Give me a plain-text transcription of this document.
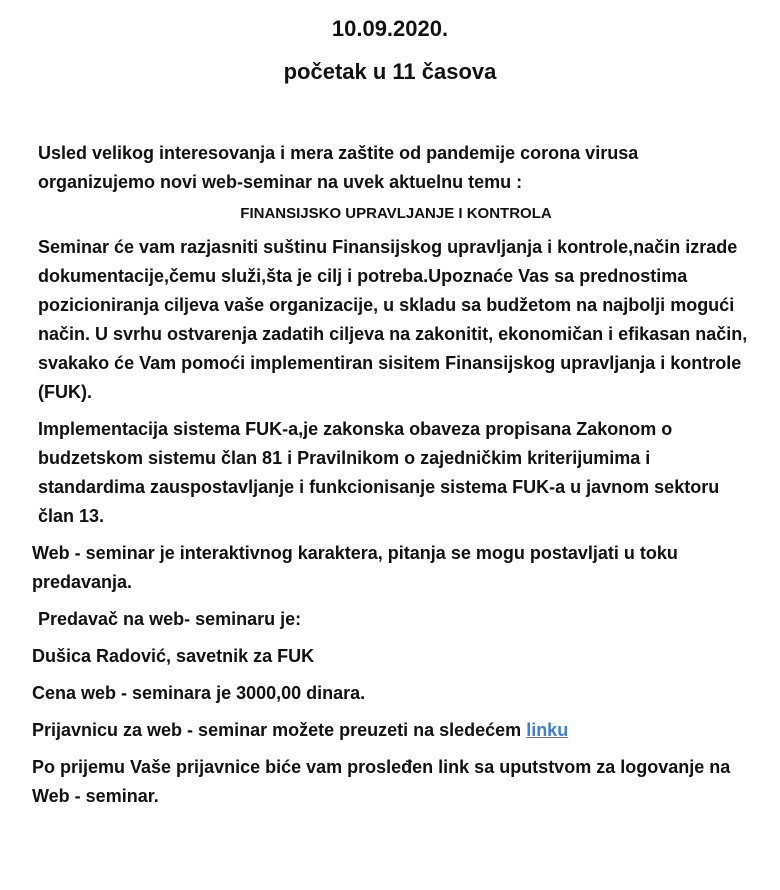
10.09.2020.
početak u 11 časova

Usled velikog interesovanja i mera zaštite od pandemije corona virusa organizujemo novi web-seminar na uvek aktuelnu temu :

FINANSIJSKO UPRAVLJANJE I KONTROLA

Seminar će vam razjasniti suštinu Finansijskog upravljanja i kontrole,način izrade dokumentacije,čemu služi,šta je cilj i potreba.Upoznaće Vas sa prednostima pozicioniranja ciljeva vaše organizacije, u skladu sa budžetom na najbolji mogući način. U svrhu ostvarenja zadatih ciljeva na zakonitit, ekonomičan i efikasan način, svakako će Vam pomoći implementiran sisitem Finansijskog upravljanja i kontrole (FUK).

Implementacija sistema FUK-a,je zakonska obaveza propisana Zakonom o budzetskom sistemu član 81 i Pravilnikom o zajedničkim kriterijumima i standardima zauspostavljanje i funkcionisanje sistema FUK-a u javnom sektoru član 13.

Web - seminar je interaktivnog karaktera, pitanja se mogu postavljati u toku predavanja.

Predavač na web- seminaru je:

Dušica Radović, savetnik za FUK

Cena web - seminara je 3000,00 dinara.

Prijavnicu za web - seminar možete preuzeti na sledećem linku

Po prijemu Vaše prijavnice biće vam prosleđen link sa uputstvom za logovanje na Web - seminar.
